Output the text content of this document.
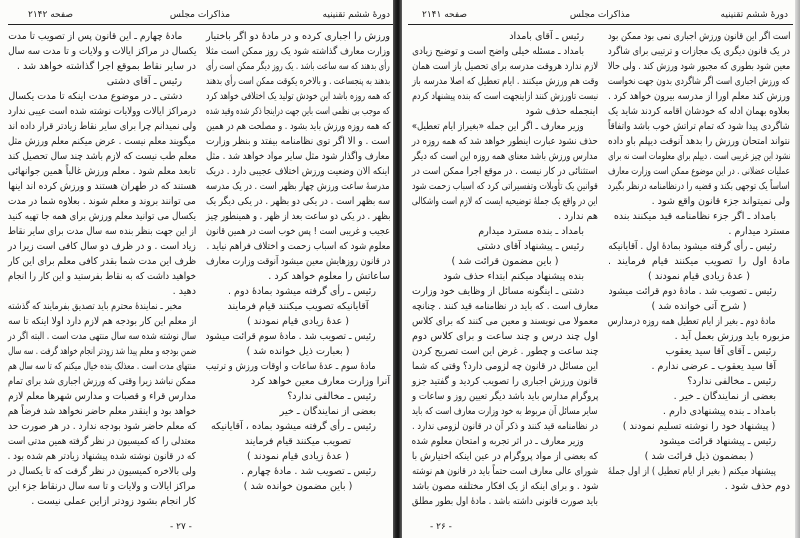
دورهٔ ششم تقنینیه
مذاکرات مجلس
صفحه ۲۱۴۲
ورزش را اجباری کرده و در مادهٔ دو اگر باختیار
وزارت معارف گذاشته شود یک روز ممکن است مثلا
رأی بدهند که سه ساعت باشد . یک روز دیگر ممکن است رأی
بدهند به پنجساعت . و بالاخره یکوقت ممکن است رأی بدهند
که همه روزه باشد این خودش تولید یک اختلافی خواهد کرد
که موجب بی نظمی است باین جهت دراینجا ذکر شده وقید شده
که همه روزه ورزش باید بشود . و مصلحت هم در همین
است . و الا اگر توی نظامنامه بیفتد و بنظر وزارت
معارف واگذار شود مثل سایر مواد خواهد شد . مثل
اینکه الان وضعیت ورزش اختلاف عجیبی دارد . دریک
مدرسهٔ ساعت ورزش چهار بظهر است . در یک مدرسه
سه بظهر است . در یکی دو بظهر . در یکی دیگر یک
بظهر . در یکی دو ساعت بعد از ظهر . و همینطور چیز
عجیب و غریبی است ! پس خوب است در همین قانون
معلوم شود که اسباب زحمت و اختلاف فراهم نیاید .
در قانون روزهایش معین میشود آنوقت وزارت معارف
ساعاتش را معلوم خواهد کرد .
رئیس ـ رأی گرفته میشود بمادهٔ دوم .
آقایانیکه تصویب میکنند قیام فرمایند
( عدهٔ زیادی قیام نمودند )
رئیس ـ تصویب شد . مادهٔ سوم قرائت میشود
( بعبارت ذیل خوانده شد )
مادهٔ سوم ـ عدهٔ ساعات و اوقات ورزش و ترتیب
آنرا وزارت معارف معین خواهد کرد
رئیس ـ مخالفی ندارد؟
بعضی از نمایندگان ـ خیر
رئیس ـ رأی گرفته میشود بماده ، آقایانیکه
تصویب میکنند قیام فرمایند
( عدهٔ زیادی قیام نمودند )
رئیس ـ تصویب شد . مادهٔ چهارم .
( باین مضمون خوانده شد )
مادهٔ چهارم ـ این قانون پس از تصویب تا مدت
یکسال در مراکز ایالات و ولایات و تا مدت سه سال
در سایر نقاط بموقع اجرا گذاشته خواهد شد .
رئیس ـ آقای دشتی
دشتی ـ در موضوع مدت اینکه تا مدت یکسال
درمراکز ایالات وولایات نوشته شده است عیبی ندارد
ولی نمیدانم چرا برای سایر نقاط زیادتر قرار داده اند
میگویند معلم نیست . عرض میکنم معلم ورزش مثل
معلم طب نیست که لازم باشد چند سال تحصیل کند
تابعد معلم شود . معلم ورزش غالباً همین جوانهائی
هستند که در طهران هستند و ورزش کرده اند اینها
می توانند بروند و معلم شوند . بعلاوه شما در مدت
یکسال می توانید معلم ورزش برای همه جا تهیه کنید
از این جهت بنظر بنده سه سال مدت برای سایر نقاط
زیاد است . و در ظرف دو سال کافی است زیرا در
ظرف این مدت شما بقدر کافی معلم برای این کار
خواهید داشت که به نقاط بفرستید و این کار را انجام
دهید .
مخبر ـ نمایندهٔ محترم باید تصدیق بفرمایند که گذشته
از معلم این کار بودجه هم لازم دارد اولا اینکه تا سه
سال نوشته شده سه سال منتهی مدت است . البته اگر در
ضمن بودجه و معلم پیدا شد زودتر انجام خواهد گرفت . سه سال
منتهای مدت است . معذلک بنده خیال میکنم که تا سه سال هم
ممکن نباشد زیرا وقتی که ورزش اجباری شد برای تمام
مدارس قراء و قصبات و مدارس شهرها معلم لازم
خواهد بود و اینقدر معلم حاضر نخواهد شد فرضاً هم
که معلم حاضر شود بودجه ندارد . در هر صورت حد
معتدلی را که کمیسیون در نظر گرفته همین مدتی است
که در قانون نوشته شده پیشنهاد زیادتر هم شده بود .
ولی بالاخره کمیسیون در نظر گرفت که تا یکسال در
مراکز ایالات و ولایات و تا سه سال درنقاط جزء این
کار انجام بشود زودتر ازاین عملی نیست .
- ۲۷ -
دورهٔ ششم تقنینیه
مذاکرات مجلس
صفحه ۲۱۴۱
است اگر این قانون ورزش اجباری نمی بود ممکن بود
در یک قانون دیگری یک مجازات و ترتیبی برای شاگرد
معین شود بطوری که مجبور شود ورزش کند . ولی حالا
که ورزش اجباری است اگر شاگردی بدون جهت نخواست
ورزش کند معلم اورا از مدرسه بیرون خواهد کرد .
بعلاوه بهمان ادله که خودشان اقامه کردند شاید یک
شاگردی پیدا شود که تمام تراتش خوب باشد واتفاقاً
نتواند امتحان ورزش را بدهد آنوقت دیپلم باو داده
نشود این چیز غریبی است . دیپلم برای معلومات است نه برای
عملیات عضلانی . در این موضوع ممکن است وزارت معارف
اساساً یک توجهی بکند و قضیه را درنظامنامه درنظر بگیرد
ولی نمیتواند جزء قانون واقع شود .
بامداد ـ اگر جزء نظامنامه قید میکنند بنده
مسترد میدارم .
رئیس ـ رأی گرفته میشود بمادهٔ اول . آقایانیکه
مادهٔ اول را تصویب میکنند قیام فرمایند .
( عدهٔ زیادی قیام نمودند )
رئیس ـ تصویب شد . مادهٔ دوم قرائت میشود
( شرح آتی خوانده شد )
مادهٔ دوم ـ بغیر از ایام تعطیل همه روزه درمدارس
مزبوره باید ورزش بعمل آید .
رئیس ـ آقای آقا سید یعقوب
آقا سید یعقوب ـ عرضی ندارم .
رئیس ـ مخالفی ندارد؟
بعضی از نمایندگان ـ خیر .
بامداد ـ بنده پیشنهادی دارم .
( پیشنهاد خود را نوشته تسلیم نمودند )
رئیس ـ پیشنهاد قرائت میشود
( بمضمون ذیل قرائت شد )
پیشنهاد میکنم ( بغیر از ایام تعطیل ) از اول جملهٔ
دوم حذف شود .
رئیس ـ آقای بامداد
بامداد ـ مسئله خیلی واضح است و توضیح زیادی
لازم ندارد هروقت مدرسه برای تحصیل باز است همان
وقت هم ورزش میکنند . ایام تعطیل که اصلا مدرسه باز
نیست تاورزش کنند ازاینجهت است که بنده پیشنهاد کردم
اینجمله حذف شود
وزیر معارف ـ اگر این جمله «بغیراز ایام تعطیل»
حذف نشود عبارت اینطور خواهد شد که همه روزه در
مدارس ورزش باشد معنای همه روزه این است که دیگر
استثنائی در کار نیست . در موقع اجرا ممکن است در
قوانین یک تأویلات وتفسیراتی کرد که اسباب زحمت شود
این در واقع یک جملهٔ توضیحیه ایست که لازم است واشکالی
هم ندارد .
بامداد ـ بنده مسترد میدارم
رئیس ـ پیشنهاد آقای دشتی
( باین مضمون قرائت شد )
بنده پیشنهاد میکنم ابتداء حذف شود
دشتی ـ اینگونه مسائل از وظایف خود وزارت
معارف است . که باید در نظامنامه قید کنند . چنانچه
معمولا می نویسند و معین می کنند که برای کلاس
اول چند درس و چند ساعت و برای کلاس دوم
چند ساعت و چطور . غرض این است تصریح کردن
این مسائل در قانون چه لزومی دارد؟ وقتی که شما
قانون ورزش اجباری را تصویب کردید و گفتید جزو
پروگرام مدارس باید باشد دیگر تعیین روز و ساعات و
سایر مسائل آن مربوط به خود وزارت معارف است که باید
در نظامنامه قید کنند و ذکر آن در قانون لزومی ندارد .
وزیر معارف ـ در اثر تجربه و امتحان معلوم شده
که بعضی از مواد پروگرام در عین اینکه اختیارش با
شورای عالی معارف است حتماً باید در قانون هم نوشته
شود . و برای اینکه از یک افکار مختلفه مصون باشد
باید صورت قانونی داشته باشد . مادهٔ اول بطور مطلق
- ۲۶ -
